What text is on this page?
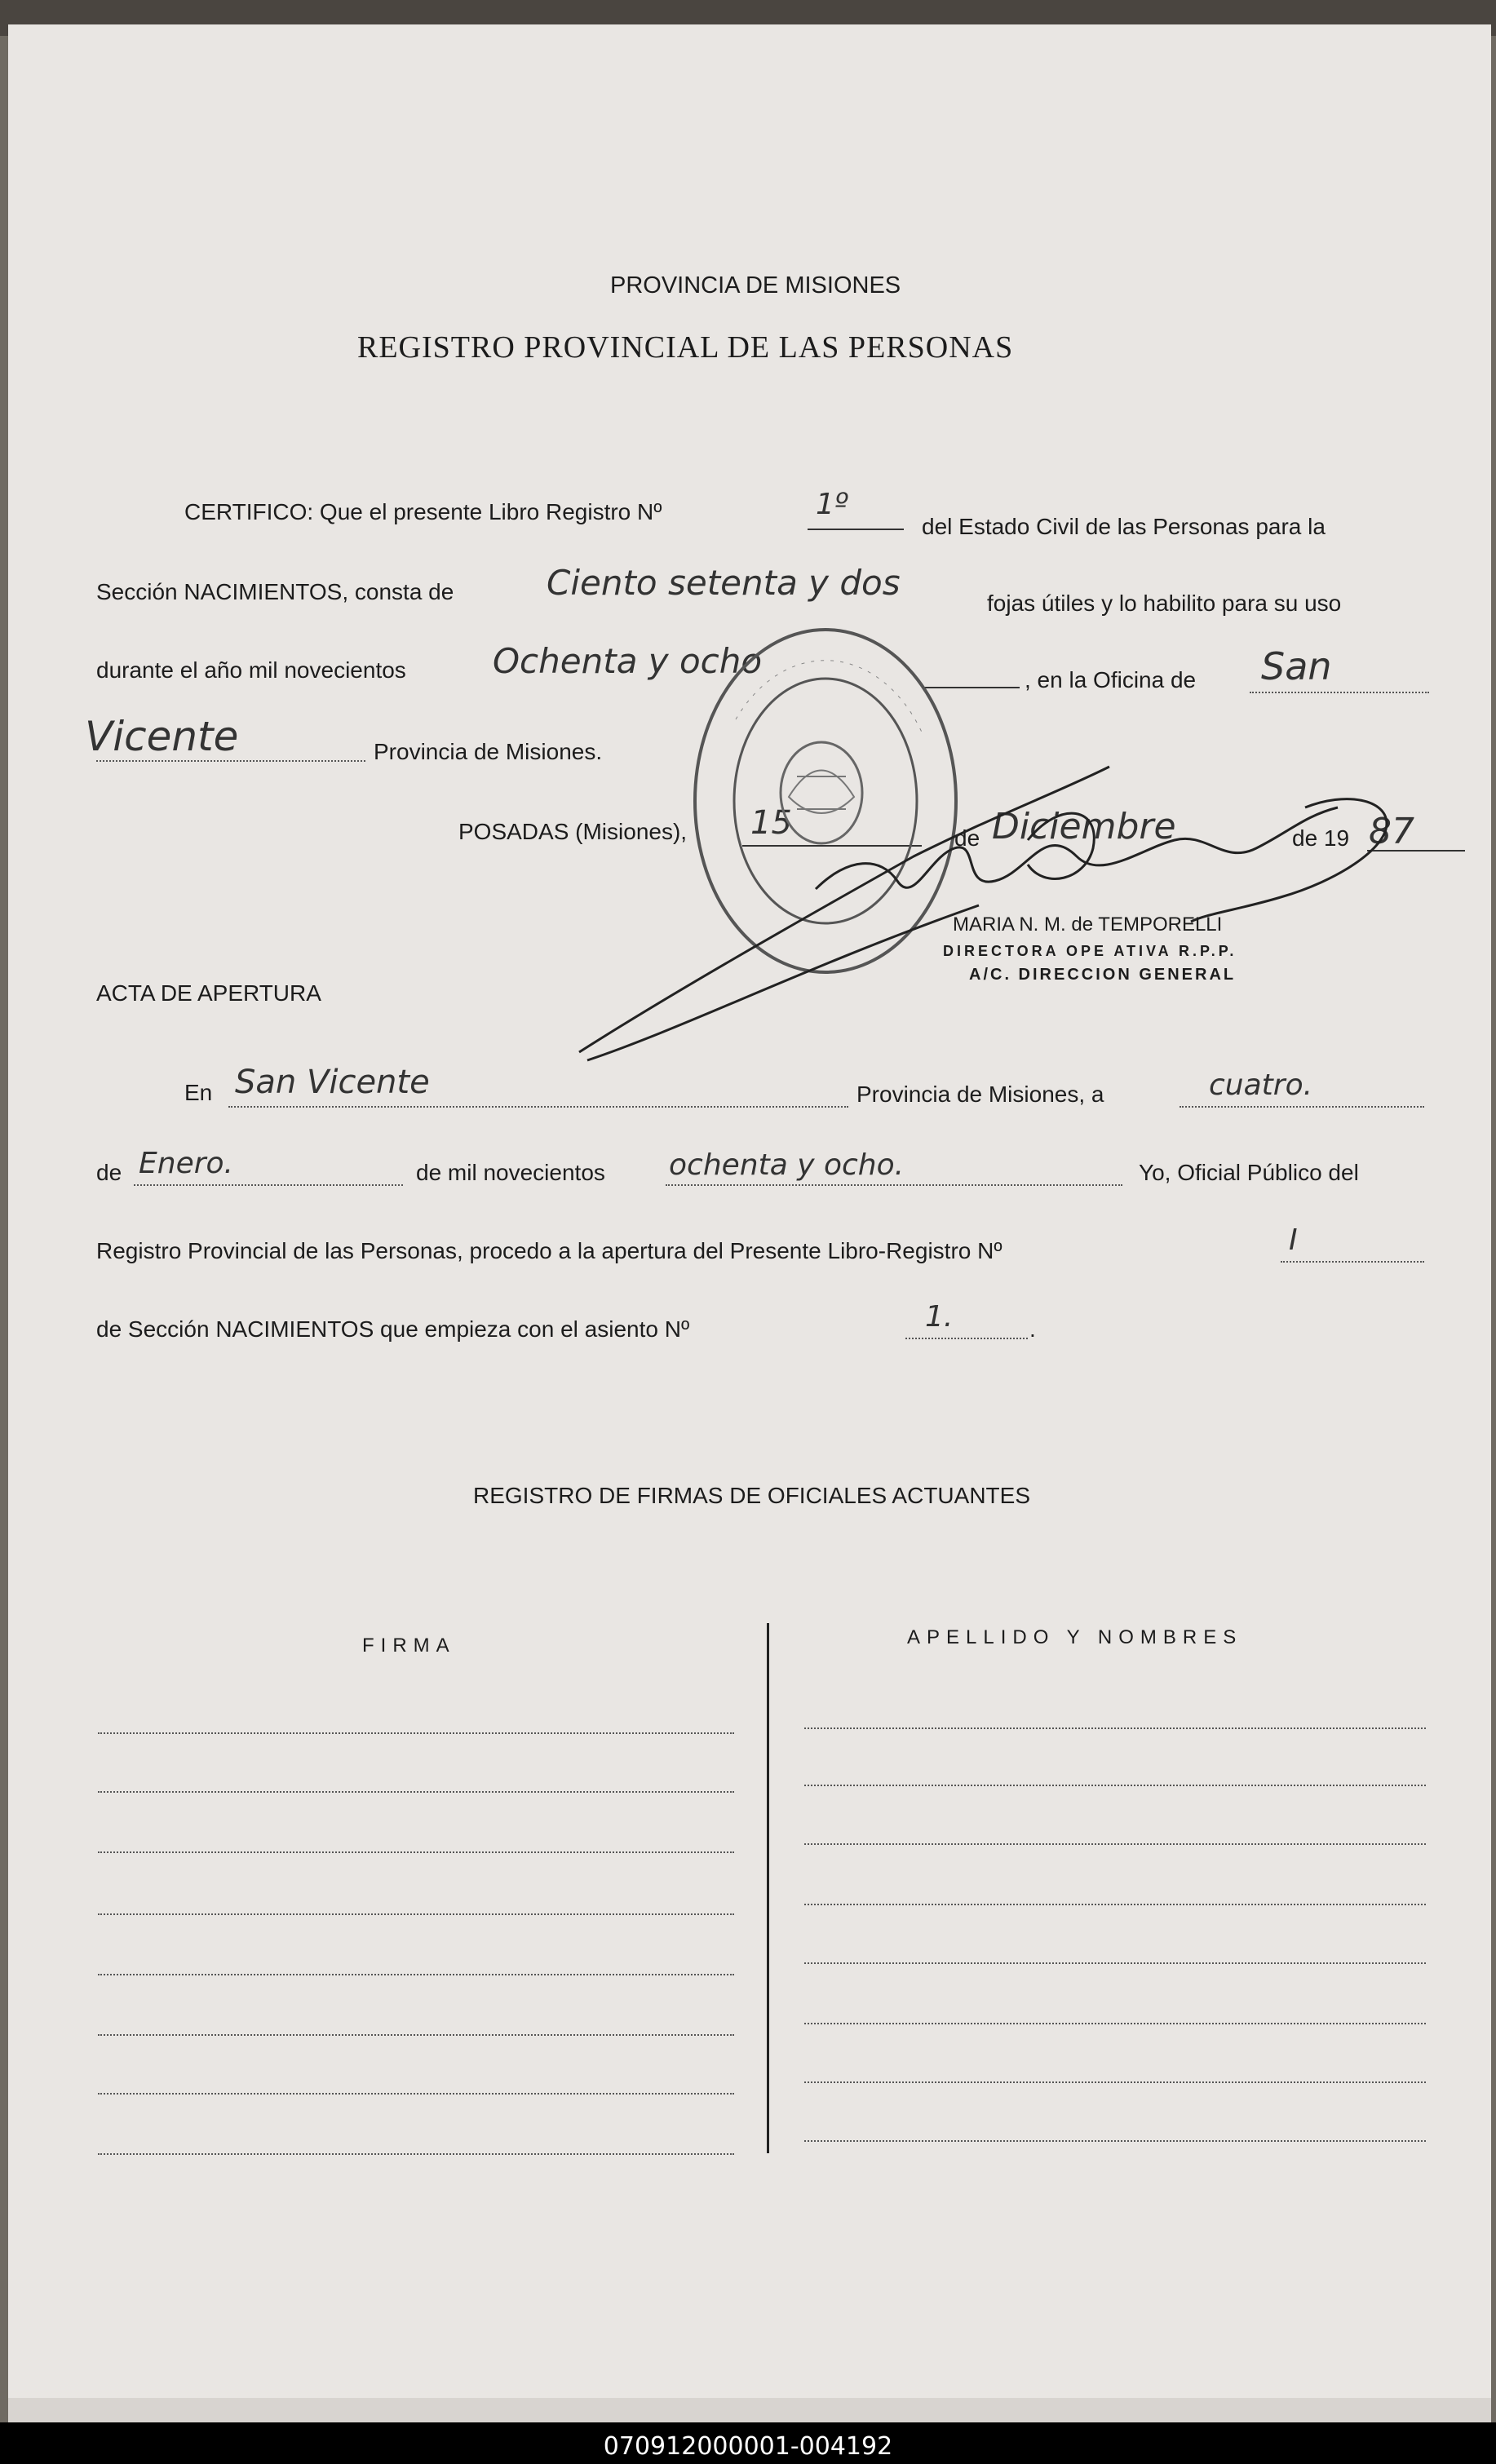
PROVINCIA DE MISIONES
REGISTRO PROVINCIAL DE LAS PERSONAS
CERTIFICO: Que el presente Libro Registro Nº	1º
del Estado Civil de las Personas para la
Sección NACIMIENTOS, consta de	Ciento setenta y dos
fojas útiles y lo habilito para su uso
durante el año mil novecientos	Ochenta y ocho	, en la Oficina de San
Vicente	Provincia de Misiones.
POSADAS (Misiones), 15	de Diciembre	de 19 87
MARIA N. M. de TEMPORELLI
DIRECTORA OPE ATIVA R.P.P.
A/C. DIRECCION GENERAL
ACTA DE APERTURA
En San Vicente	Provincia de Misiones, a	cuatro.
de Enero.	de mil novecientos ochenta y ocho.	Yo, Oficial Público del
Registro Provincial de las Personas, procedo a la apertura del Presente Libro-Registro Nº	I
de Sección NACIMIENTOS que empieza con el asiento Nº	1.	.
REGISTRO DE FIRMAS DE OFICIALES ACTUANTES
FIRMA	APELLIDO Y NOMBRES
070912000001-004192
